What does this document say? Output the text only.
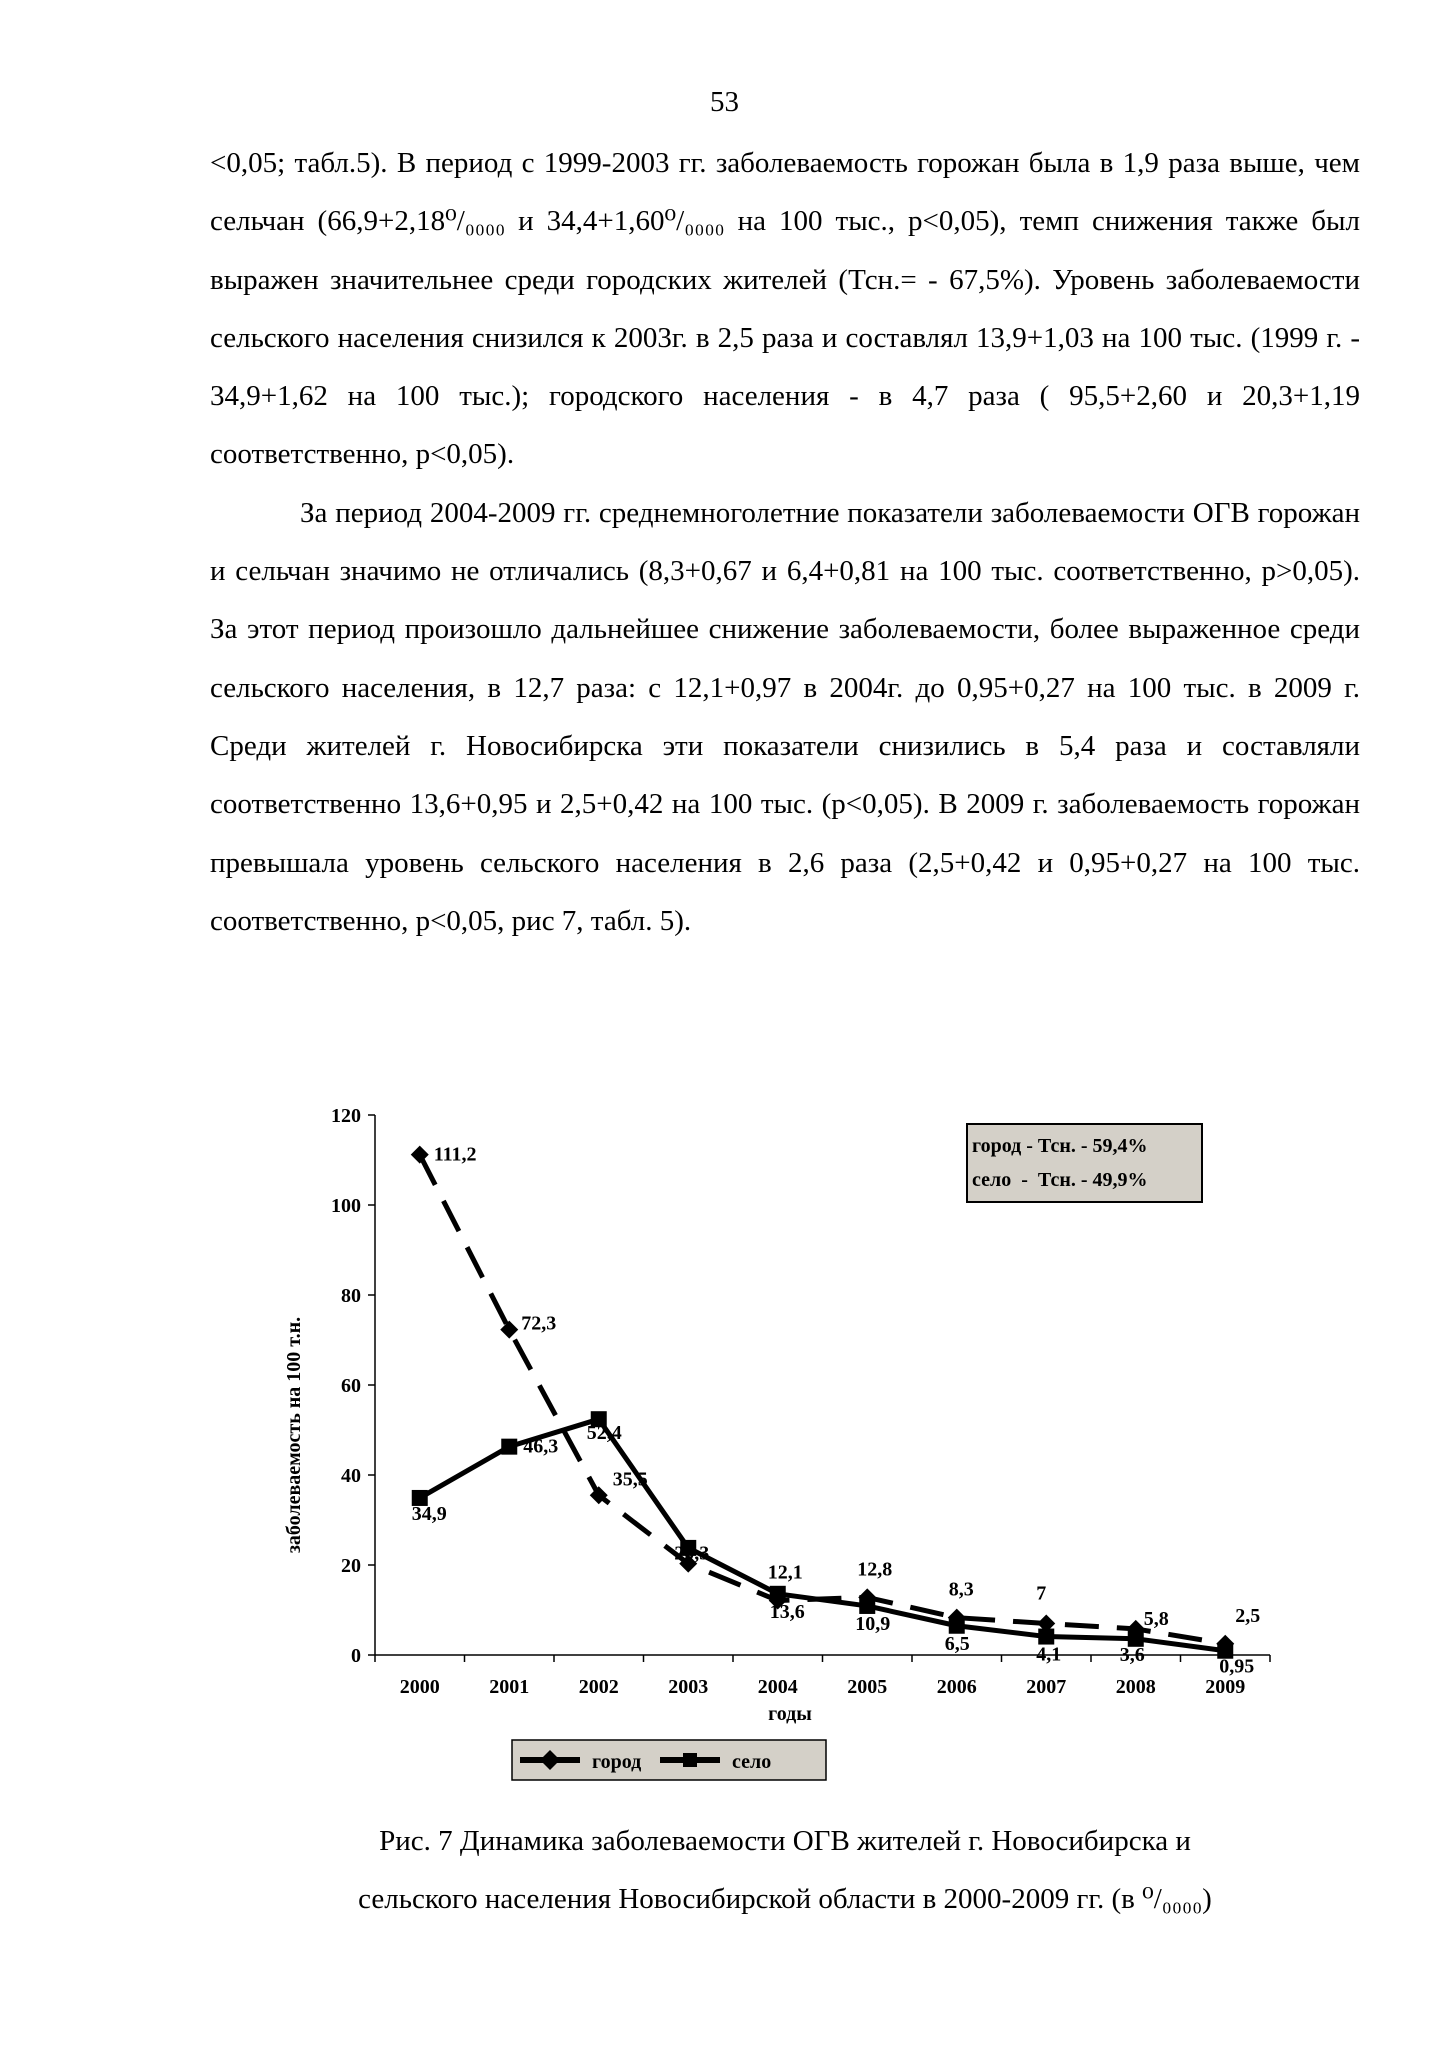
53

<0,05; табл.5). В период с 1999-2003 гг. заболеваемость горожан была в 1,9 раза выше, чем сельчан (66,9+2,18⁰/₀₀₀₀ и 34,4+1,60⁰/₀₀₀₀ на 100 тыс., р<0,05), темп снижения также был выражен значительнее среди городских жителей (Тсн.= - 67,5%). Уровень заболеваемости сельского населения снизился к 2003г. в 2,5 раза и составлял 13,9+1,03 на 100 тыс. (1999 г. - 34,9+1,62 на 100 тыс.); городского населения - в 4,7 раза ( 95,5+2,60 и 20,3+1,19 соответственно, р<0,05).

За период 2004-2009 гг. среднемноголетние показатели заболеваемости ОГВ горожан и сельчан значимо не отличались (8,3+0,67 и 6,4+0,81 на 100 тыс. соответственно, р>0,05). За этот период произошло дальнейшее снижение заболеваемости, более выраженное среди сельского населения, в 12,7 раза: с 12,1+0,97 в 2004г. до 0,95+0,27 на 100 тыс. в 2009 г. Среди жителей г. Новосибирска эти показатели снизились в 5,4 раза и составляли соответственно 13,6+0,95 и 2,5+0,42 на 100 тыс. (р<0,05). В 2009 г. заболеваемость горожан превышала уровень сельского населения в 2,6 раза (2,5+0,42 и 0,95+0,27 на 100 тыс. соответственно, р<0,05, рис 7, табл. 5).

0
20
40
60
80
100
120
2000 2001 2002 2003 2004 2005 2006 2007 2008 2009
111,2
72,3
35,5
20,3
12,1	12,8
8,3	7
5,8	2,5
34,9
46,3
52,4
13,6
10,9
6,5	4,1	3,6
0,95
заболеваемость на 100 т.н.
годы
город - Тсн. - 59,4%
село  -  Тсн. - 49,9%
город	село
Рис. 7 Динамика заболеваемости ОГВ жителей г. Новосибирска и
сельского населения Новосибирской области в 2000-2009 гг. (в ⁰/₀₀₀₀)
